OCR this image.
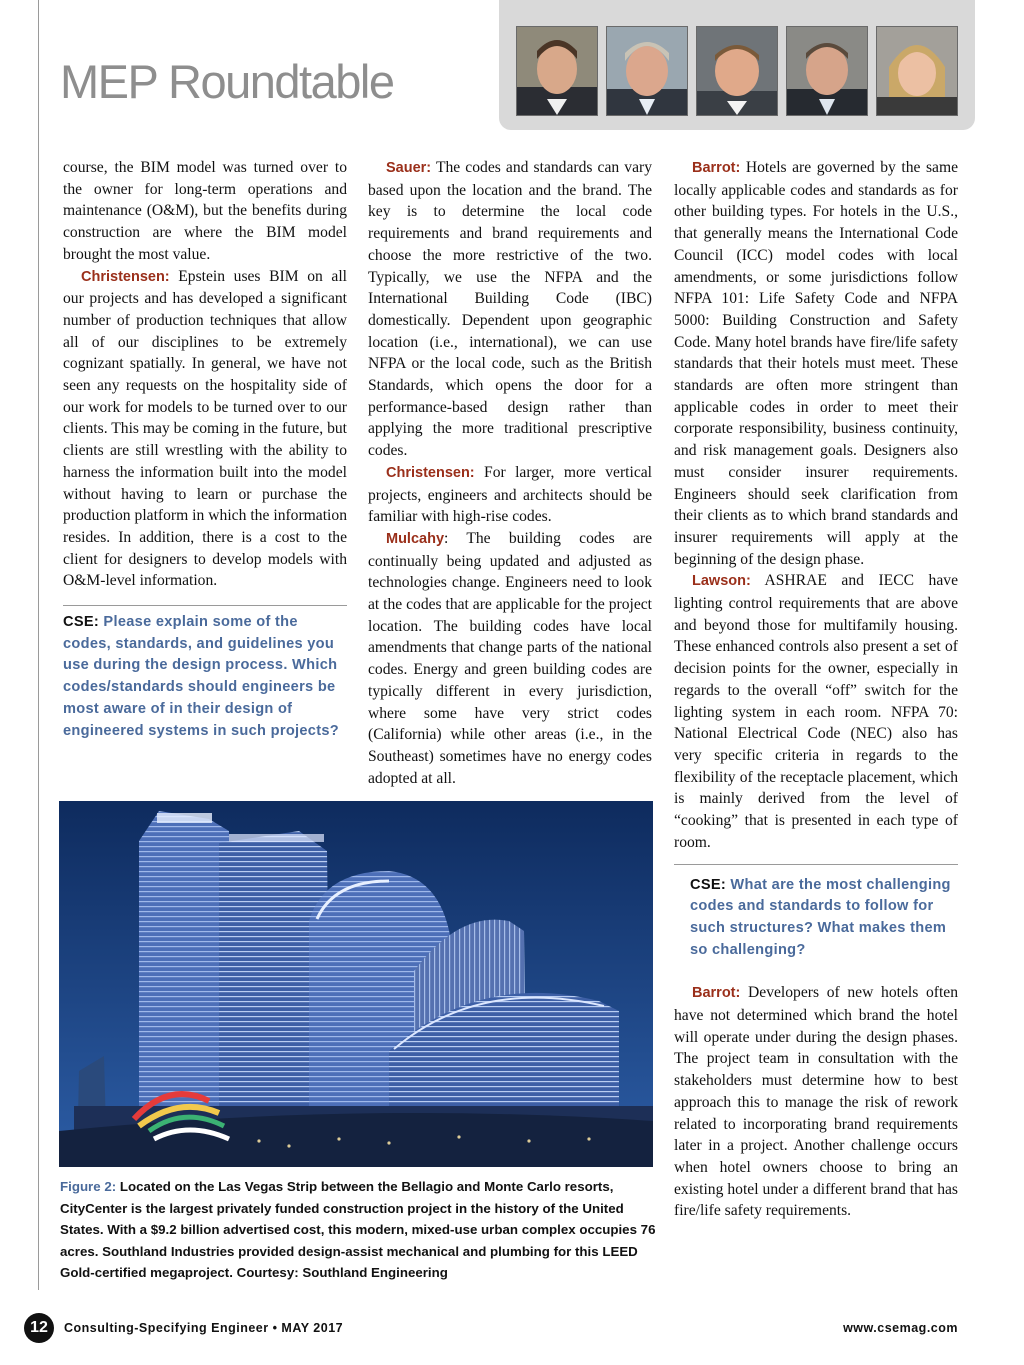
MEP Roundtable

course, the BIM model was turned over to the owner for long-term operations and maintenance (O&M), but the benefits during construction are where the BIM model brought the most value.

Christensen: Epstein uses BIM on all our projects and has developed a significant number of production techniques that allow all of our disciplines to be extremely cognizant spatially. In general, we have not seen any requests on the hospitality side of our work for models to be turned over to our clients. This may be coming in the future, but clients are still wrestling with the ability to harness the information built into the model without having to learn or purchase the production platform in which the information resides. In addition, there is a cost to the client for designers to develop models with O&M-level information.

CSE: Please explain some of the codes, standards, and guidelines you use during the design process. Which codes/standards should engineers be most aware of in their design of engineered systems in such projects?

Sauer: The codes and standards can vary based upon the location and the brand. The key is to determine the local code requirements and brand requirements and choose the more restrictive of the two. Typically, we use the NFPA and the International Building Code (IBC) domestically. Dependent upon geographic location (i.e., international), we can use NFPA or the local code, such as the British Standards, which opens the door for a performance-based design rather than applying the more traditional prescriptive codes.

Christensen: For larger, more vertical projects, engineers and architects should be familiar with high-rise codes.

Mulcahy: The building codes are continually being updated and adjusted as technologies change. Engineers need to look at the codes that are applicable for the project location. The building codes have local amendments that change parts of the national codes. Energy and green building codes are typically different in every jurisdiction, where some have very strict codes (California) while other areas (i.e., in the Southeast) sometimes have no energy codes adopted at all.

Barrot: Hotels are governed by the same locally applicable codes and standards as for other building types. For hotels in the U.S., that generally means the International Code Council (ICC) model codes with local amendments, or some jurisdictions follow NFPA 101: Life Safety Code and NFPA 5000: Building Construction and Safety Code. Many hotel brands have fire/life safety standards that their hotels must meet. These standards are often more stringent than applicable codes in order to meet their corporate responsibility, business continuity, and risk management goals. Designers also must consider insurer requirements. Engineers should seek clarification from their clients as to which brand standards and insurer requirements will apply at the beginning of the design phase.

Lawson: ASHRAE and IECC have lighting control requirements that are above and beyond those for multifamily housing. These enhanced controls also present a set of decision points for the owner, especially in regards to the overall “off” switch for the lighting system in each room. NFPA 70: National Electrical Code (NEC) also has very specific criteria in regards to the flexibility of the receptacle placement, which is mainly derived from the level of “cooking” that is presented in each type of room.

CSE: What are the most challenging codes and standards to follow for such structures? What makes them so challenging?

Barrot: Developers of new hotels often have not determined which brand the hotel will operate under during the design phases. The project team in consultation with the stakeholders must determine how to best approach this to manage the risk of rework related to incorporating brand requirements later in a project. Another challenge occurs when hotel owners choose to bring an existing hotel under a different brand that has fire/life safety requirements.

Figure 2: Located on the Las Vegas Strip between the Bellagio and Monte Carlo resorts, CityCenter is the largest privately funded construction project in the history of the United States. With a $9.2 billion advertised cost, this modern, mixed-use urban complex occupies 76 acres. Southland Industries provided design-assist mechanical and plumbing for this LEED Gold-certified megaproject. Courtesy: Southland Engineering
12	Consulting-Specifying Engineer • MAY 2017	www.csemag.com
